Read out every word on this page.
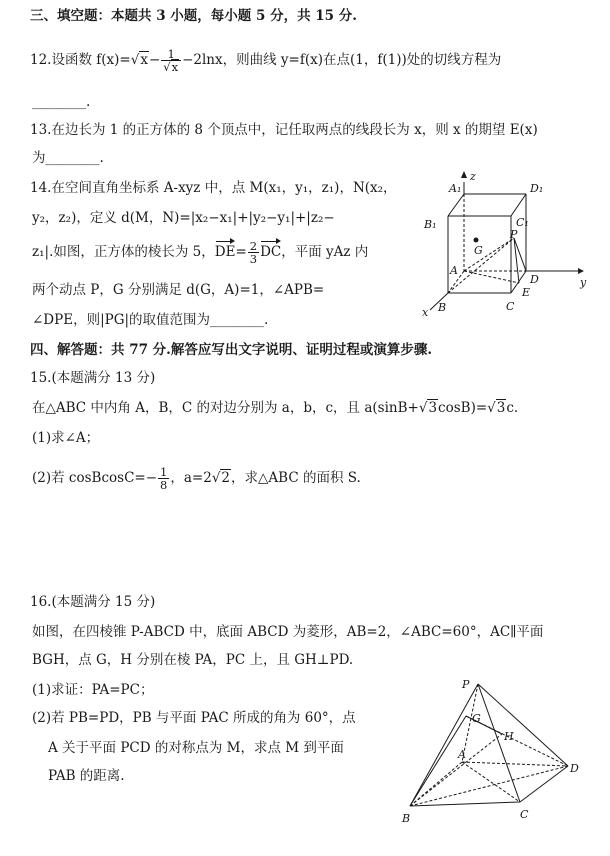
三、填空题：本题共 3 小题，每小题 5 分，共 15 分.
12.设函数 $f(x)=√x- \frac{1}{√x} -2\ln x$，则曲线 y=f(x)在点(1，f(1))处的切线方程为
________.
13.在边长为 1 的正方体的 8 个顶点中，记任取两点的线段长为 x，则 x 的期望 E(x)
为________.
14.在空间直角坐标系 A-xyz 中，点 M(x₁，y₁，z₁)，N(x₂，
y₂，z₂)，定义 d(M，N)=|x₂−x₁|+|y₂−y₁|+|z₂−
z₁|.如图，正方体的棱长为 5，$DE= \frac{2}{3}$ DC，平面 yAz 内
两个动点 P，G 分别满足 d(G，A)=1，∠APB=
∠DPE，则|PG|的取值范围为________.
A₁
z
D₁
B₁	C₁
G
P
A
D	y
E
x B	C
四、解答题：共 77 分.解答应写出文字说明、证明过程或演算步骤.
15.(本题满分 13 分)
在△ABC 中内角 A，B，C 的对边分别为 a，b，c，且 a(sinB+√3cosB)=√3c.
(1)求∠A；
(2)若 cosBcosC=− $\frac{1}{8}$ ，a=2√2，求△ABC 的面积 S.
16.(本题满分 15 分)
如图，在四棱锥 P-ABCD 中，底面 ABCD 为菱形，AB=2，∠ABC=60°，AC∥平面
BGH，点 G，H 分别在棱 PA，PC 上，且 GH⊥PD.
(1)求证：PA=PC；
(2)若 PB=PD，PB 与平面 PAC 所成的角为 60°，点
A 关于平面 PCD 的对称点为 M，求点 M 到平面
PAB 的距离.
P
G
H
A
D
B	C
